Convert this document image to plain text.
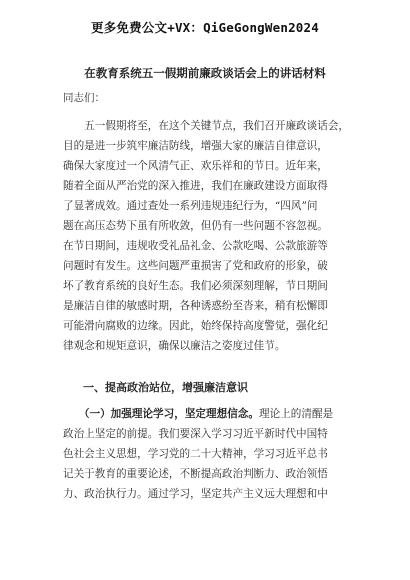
更多免费公文+VX：QiGeGongWen2024
在教育系统五一假期前廉政谈话会上的讲话材料
同志们：
　　五一假期将至，在这个关键节点，我们召开廉政谈话会，
目的是进一步筑牢廉洁防线，增强大家的廉洁自律意识，
确保大家度过一个风清气正、欢乐祥和的节日。近年来，
随着全面从严治党的深入推进，我们在廉政建设方面取得
了显著成效。通过查处一系列违规违纪行为，“四风”问
题在高压态势下虽有所收敛，但仍有一些问题不容忽视。
在节日期间，违规收受礼品礼金、公款吃喝、公款旅游等
问题时有发生。这些问题严重损害了党和政府的形象，破
坏了教育系统的良好生态。我们必须深刻理解，节日期间
是廉洁自律的敏感时期，各种诱惑纷至沓来，稍有松懈即
可能滑向腐败的边缘。因此，始终保持高度警觉，强化纪
律观念和规矩意识，确保以廉洁之姿度过佳节。
一、提高政治站位，增强廉洁意识
　　（一）加强理论学习，坚定理想信念。理论上的清醒是
政治上坚定的前提。我们要深入学习习近平新时代中国特
色社会主义思想，学习党的二十大精神，学习习近平总书
记关于教育的重要论述，不断提高政治判断力、政治领悟
力、政治执行力。通过学习，坚定共产主义远大理想和中
